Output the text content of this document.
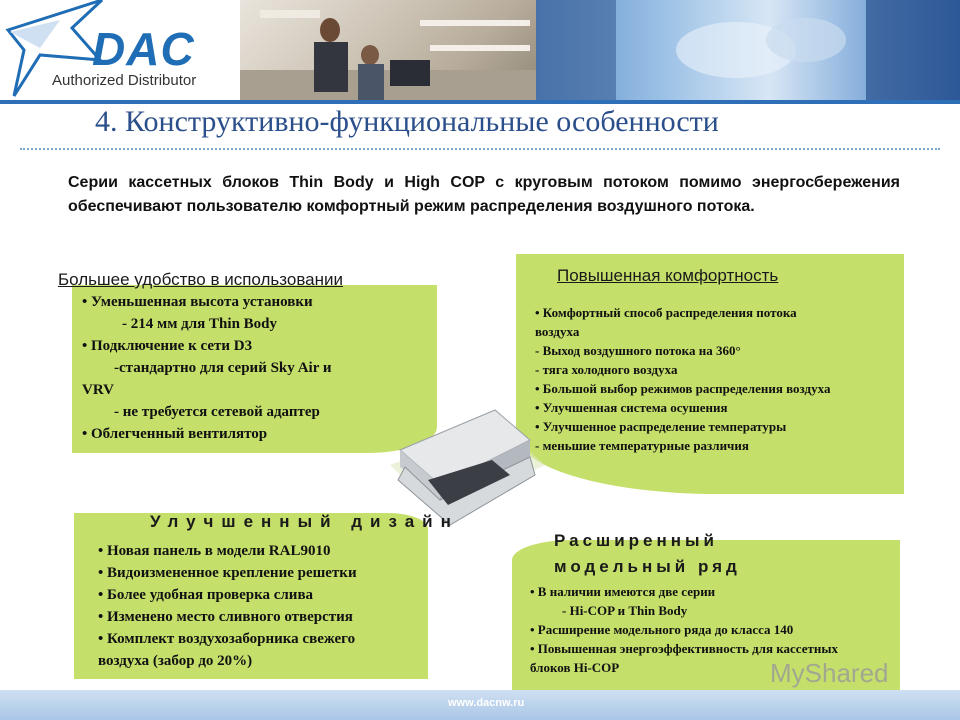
DAC
Authorized Distributor
4. Конструктивно-функциональные особенности
Серии кассетных блоков Thin Body и High COP с круговым потоком помимо энергосбережения обеспечивают пользователю комфортный режим распределения воздушного потока.
Большее удобство в использовании	Повышенная комфортность
Улучшенный дизайн
Расширенный
модельный ряд
• Уменьшенная высота установки
- 214 мм для Thin Body
• Подключение к сети D3
-стандартно для серий Sky Air и
VRV
- не требуется сетевой адаптер
• Облегченный вентилятор
• Комфортный способ распределения потока
воздуха
- Выход воздушного потока на 360°
- тяга холодного воздуха
• Большой выбор режимов распределения воздуха
• Улучшенная система осушения
• Улучшенное распределение температуры
- меньшие температурные различия
• Новая панель в модели RAL9010
• Видоизмененное крепление решетки
• Более удобная проверка слива
• Изменено место сливного отверстия
• Комплект воздухозаборника свежего
воздуха (забор до 20%)
• В наличии имеются две серии
- Hi-COP и Thin Body
• Расширение модельного ряда до класса 140
• Повышенная энергоэффективность для кассетных
блоков Hi-COP
www.dacnw.ru
MyShared
